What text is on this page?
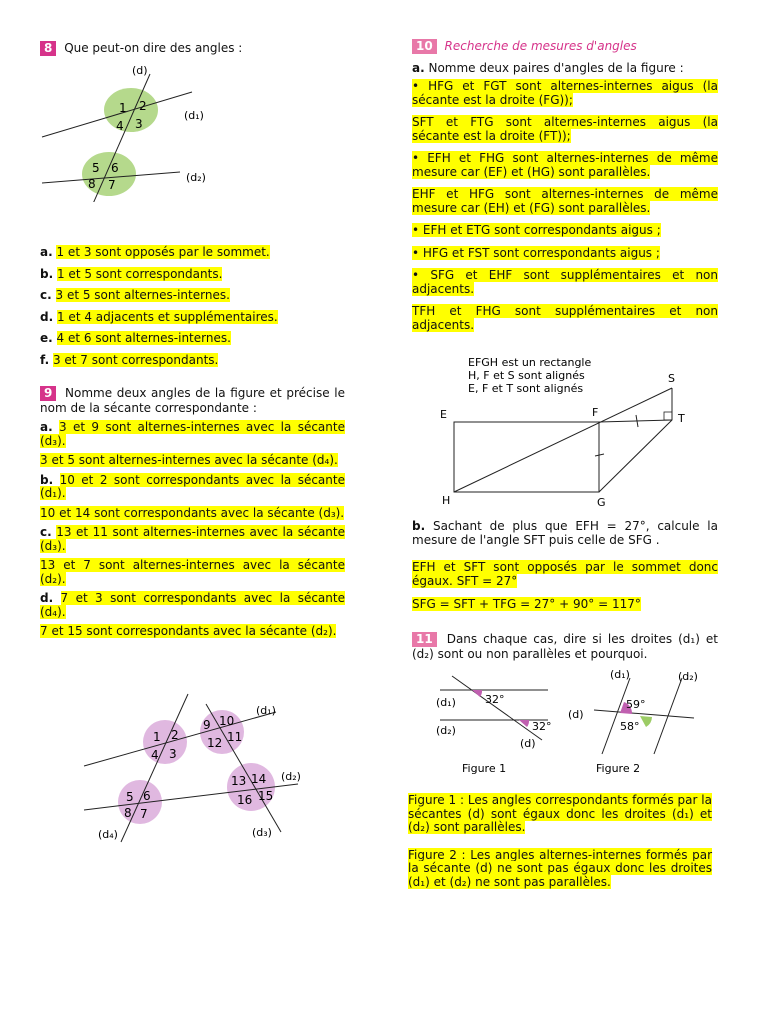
8 Que peut-on dire des angles :
(d)
(d₁)
(d₂)
1 2
3
4
5 6
7
8
a. 1 et 3 sont opposés par le sommet.
b. 1 et 5 sont correspondants.
c. 3 et 5 sont alternes-internes.
d. 1 et 4 adjacents et supplémentaires.
e. 4 et 6 sont alternes-internes.
f. 3 et 7 sont correspondants.
9 Nomme deux angles de la figure et précise le nom de la sécante correspondante :
a. 3 et 9 sont alternes-internes avec la sécante (d₃).
3 et 5 sont alternes-internes avec la sécante (d₄).
b. 10 et 2 sont correspondants avec la sécante (d₁).
10 et 14 sont correspondants avec la sécante (d₃).
c. 13 et 11 sont alternes-internes avec la sécante (d₃).
13 et 7 sont alternes-internes avec la sécante (d₂).
d. 7 et 3 sont correspondants avec la sécante (d₄).
7 et 15 sont correspondants avec la sécante (d₂).
(d₁)
(d₂)
(d₃)
(d₄)
1 2
3
4
5 6
7
8
9 10
11
12
13 14
15
16
10 Recherche de mesures d'angles
a. Nomme deux paires d'angles de la figure :
• HFG et FGT sont alternes-internes aigus (la sécante est la droite (FG));
SFT et FTG sont alternes-internes aigus (la sécante est la droite (FT));
• EFH et FHG sont alternes-internes de même mesure car (EF) et (HG) sont parallèles.
EHF et HFG sont alternes-internes de même mesure car (EH) et (FG) sont parallèles.
• EFH et ETG sont correspondants aigus ;
• HFG et FST sont correspondants aigus ;
• SFG et EHF sont supplémentaires et non adjacents.
TFH et FHG sont supplémentaires et non adjacents.
EFGH est un rectangle
H, F et S sont alignés
E, F et T sont alignés
E	F
S
T
H	G
b. Sachant de plus que EFH = 27°, calcule la mesure de l'angle SFT puis celle de SFG .
EFH et SFT sont opposés par le sommet donc égaux. SFT = 27°
SFG = SFT + TFG = 27° + 90° = 117°
11 Dans chaque cas, dire si les droites (d₁) et (d₂) sont ou non parallèles et pourquoi.
(d₁)
(d₂)
(d)
32°
32°
Figure 1
(d₁)	(d₂)
(d)
59°
58°
Figure 2
Figure 1 : Les angles correspondants formés par la sécantes (d) sont égaux donc les droites (d₁) et (d₂) sont parallèles.
Figure 2 : Les angles alternes-internes formés par la sécante (d) ne sont pas égaux donc les droites (d₁) et (d₂) ne sont pas parallèles.
